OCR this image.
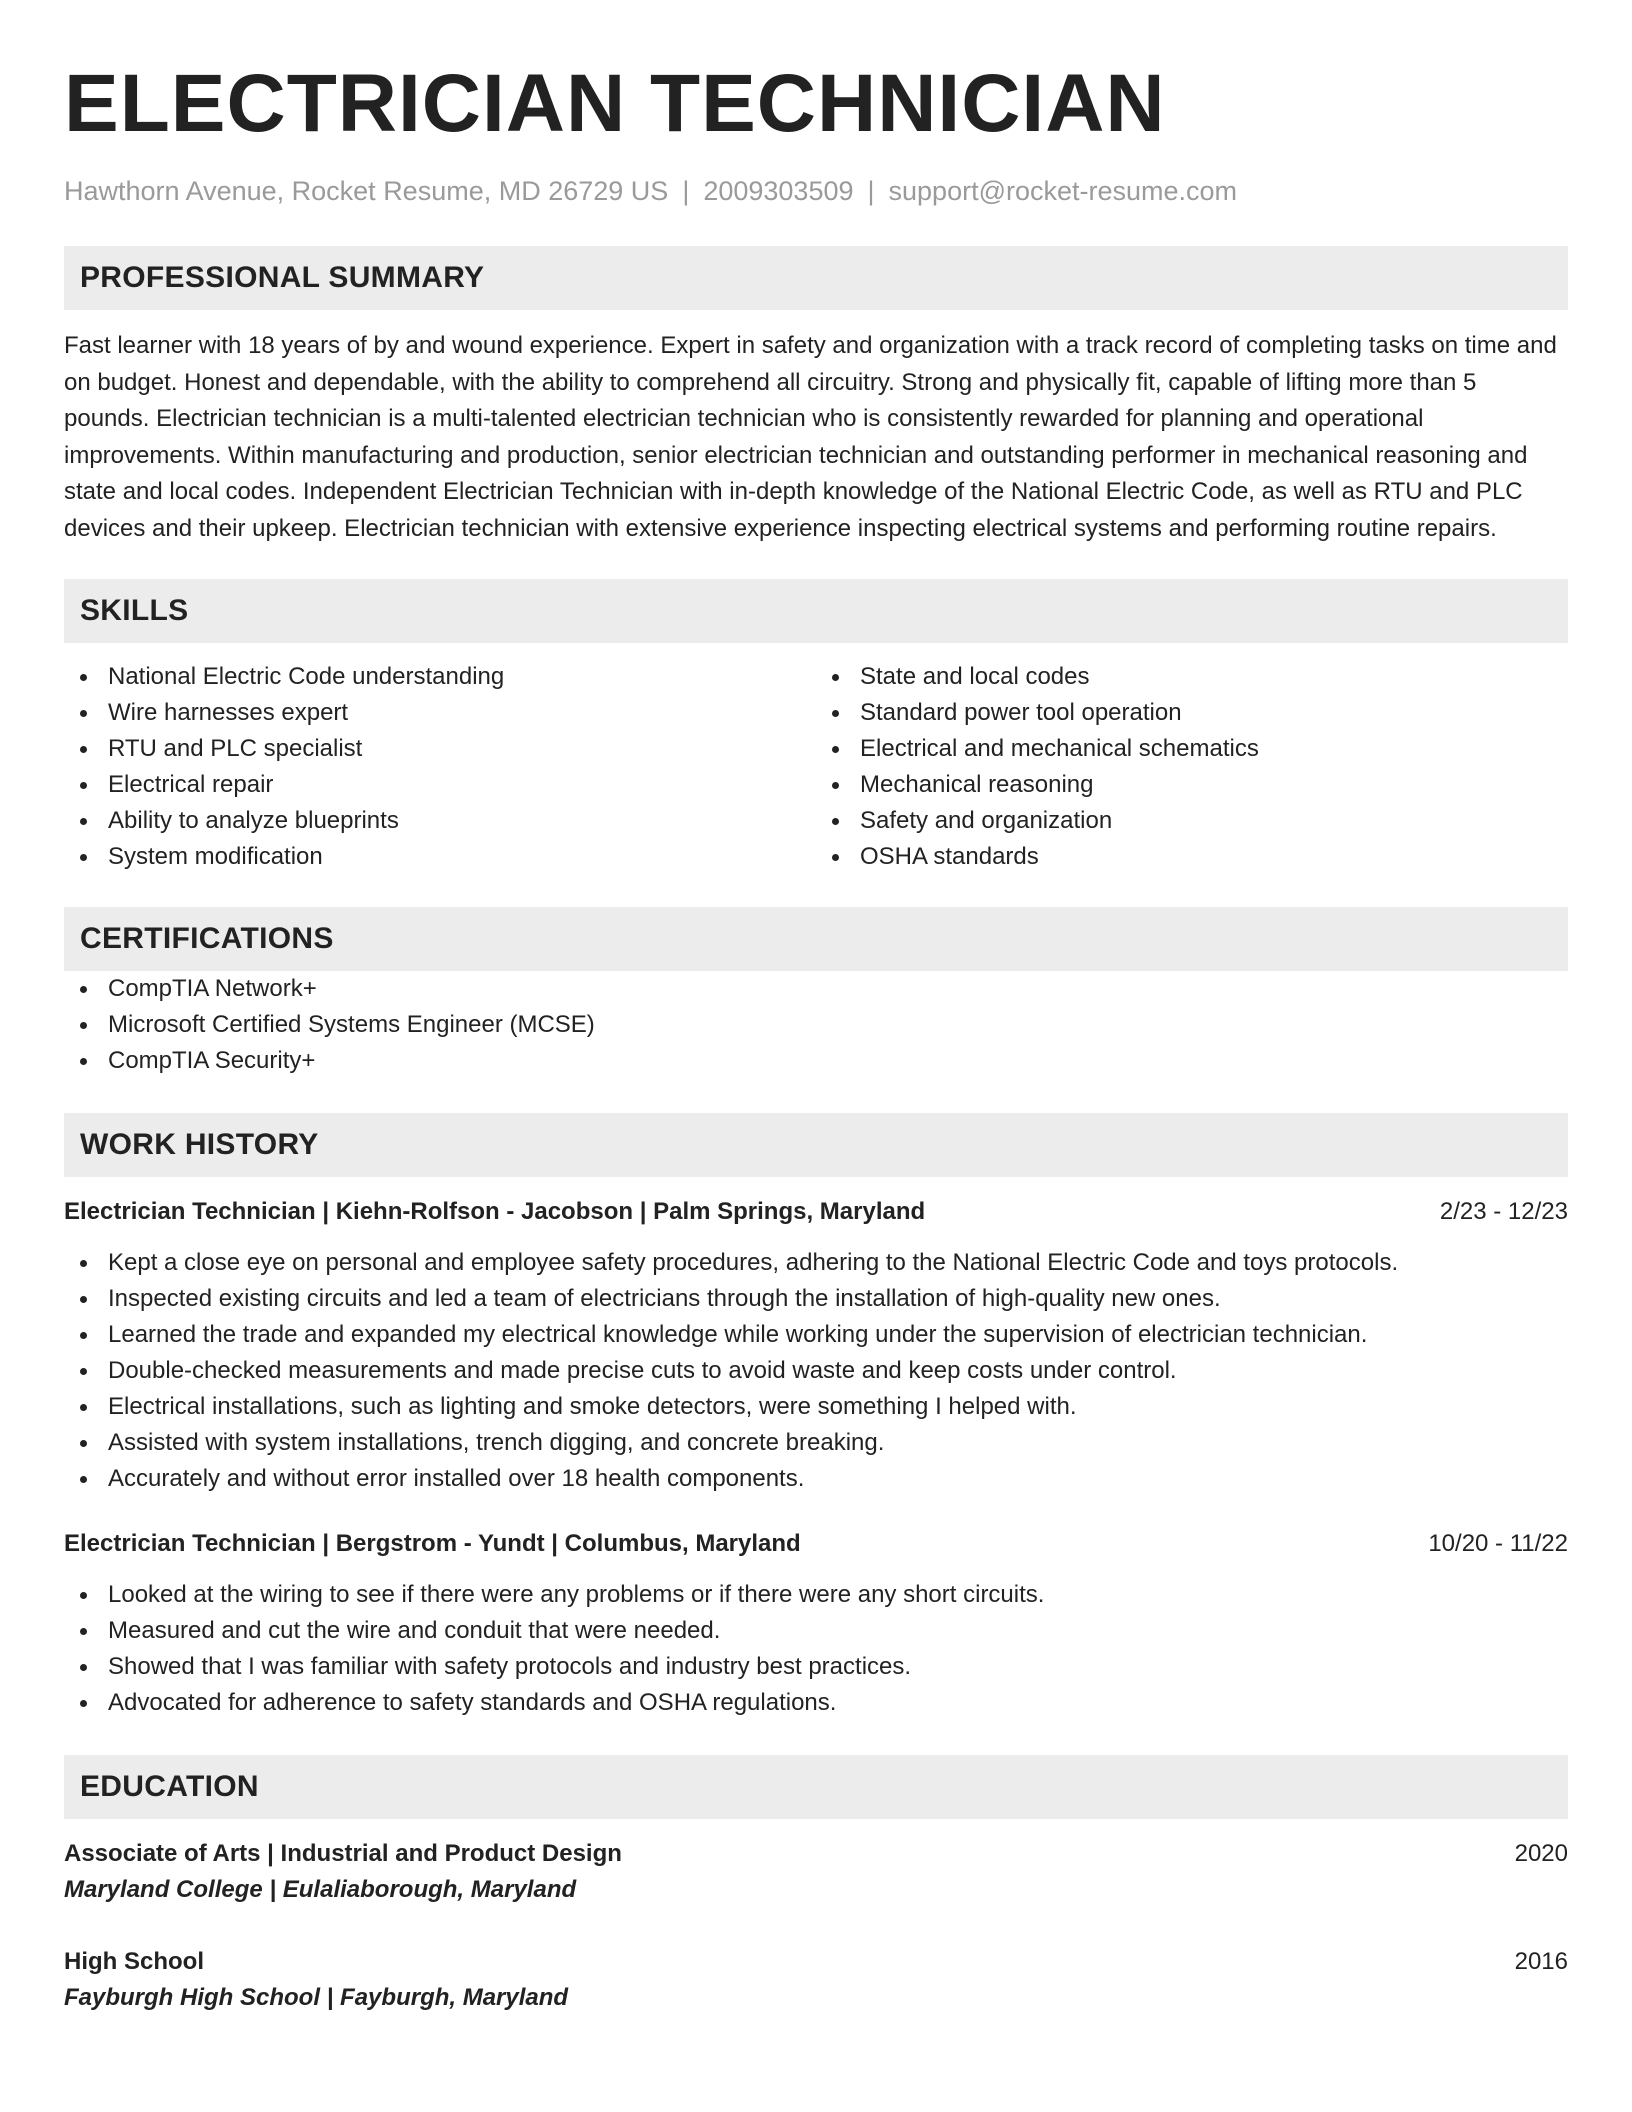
ELECTRICIAN TECHNICIAN
Hawthorn Avenue, Rocket Resume, MD 26729 US | 2009303509 | support@rocket-resume.com
PROFESSIONAL SUMMARY

Fast learner with 18 years of by and wound experience. Expert in safety and organization with a track record of completing tasks on time and on budget. Honest and dependable, with the ability to comprehend all circuitry. Strong and physically fit, capable of lifting more than 5 pounds. Electrician technician is a multi-talented electrician technician who is consistently rewarded for planning and operational improvements. Within manufacturing and production, senior electrician technician and outstanding performer in mechanical reasoning and state and local codes. Independent Electrician Technician with in-depth knowledge of the National Electric Code, as well as RTU and PLC devices and their upkeep. Electrician technician with extensive experience inspecting electrical systems and performing routine repairs.

SKILLS
National Electric Code understanding
Wire harnesses expert
RTU and PLC specialist
Electrical repair
Ability to analyze blueprints
System modification
State and local codes
Standard power tool operation
Electrical and mechanical schematics
Mechanical reasoning
Safety and organization
OSHA standards
CERTIFICATIONS
CompTIA Network+
Microsoft Certified Systems Engineer (MCSE)
CompTIA Security+
WORK HISTORY
Electrician Technician | Kiehn-Rolfson - Jacobson | Palm Springs, Maryland	2/23 - 12/23
Kept a close eye on personal and employee safety procedures, adhering to the National Electric Code and toys protocols.
Inspected existing circuits and led a team of electricians through the installation of high-quality new ones.
Learned the trade and expanded my electrical knowledge while working under the supervision of electrician technician.
Double-checked measurements and made precise cuts to avoid waste and keep costs under control.
Electrical installations, such as lighting and smoke detectors, were something I helped with.
Assisted with system installations, trench digging, and concrete breaking.
Accurately and without error installed over 18 health components.
Electrician Technician | Bergstrom - Yundt | Columbus, Maryland	10/20 - 11/22
Looked at the wiring to see if there were any problems or if there were any short circuits.
Measured and cut the wire and conduit that were needed.
Showed that I was familiar with safety protocols and industry best practices.
Advocated for adherence to safety standards and OSHA regulations.
EDUCATION
Associate of Arts | Industrial and Product Design	2020
Maryland College | Eulaliaborough, Maryland
High School	2016
Fayburgh High School | Fayburgh, Maryland
